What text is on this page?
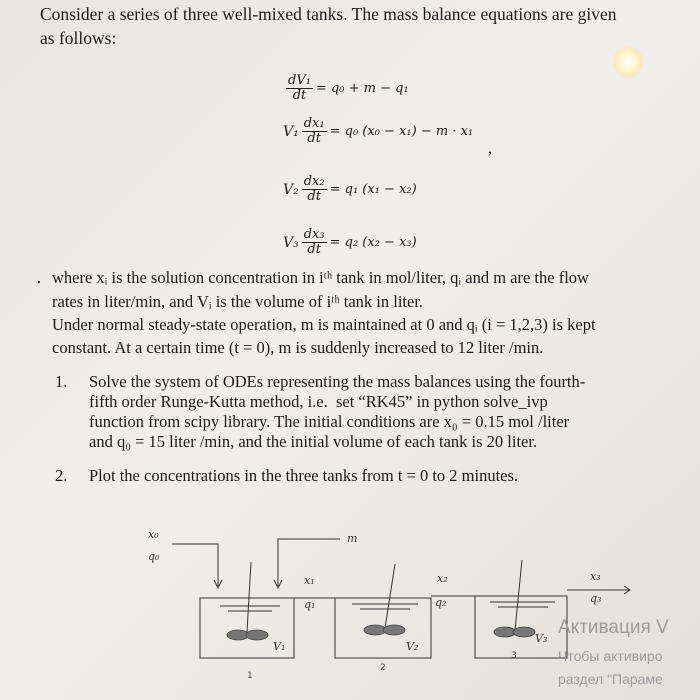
Consider a series of three well-mixed tanks. The mass balance equations are given
as follows:
$\frac{\text{dV₁}}{dt} = q_0 + m - q_1$
$V_1 \frac{\text{dx₁}}{dt} = q_0$ (x₀ − x₁) − m · x₁
,
$V_2 \frac{\text{dx₂}}{dt} = q_1$ (x₁ − x₂)
$V_3 \frac{\text{dx₃}}{dt} = q_2$ (x₂ − x₃)
· where xᵢ is the solution concentration in iᵗʰ tank in mol/liter, qᵢ and m are the flow
rates in liter/min, and Vᵢ is the volume of iᵗʰ tank in liter.
Under normal steady-state operation, m is maintained at 0 and qᵢ (i = 1,2,3) is kept
constant. At a certain time (t = 0), m is suddenly increased to 12 liter /min.
1. Solve the system of ODEs representing the mass balances using the fourth-
fifth order Runge-Kutta method, i.e.  set “RK45” in python solve_ivp
function from scipy library. The initial conditions are x₀ = 0.15 mol /liter
and q₀ = 15 liter /min, and the initial volume of each tank is 20 liter.
2. Plot the concentrations in the three tanks from t = 0 to 2 minutes.
x₀
q₀
m
x₁
q₁
x₂
q₂
x₃
q₃
V₁	V₂
V₃
1
2
3
Активация V
Чтобы активиро
раздел "Параме
